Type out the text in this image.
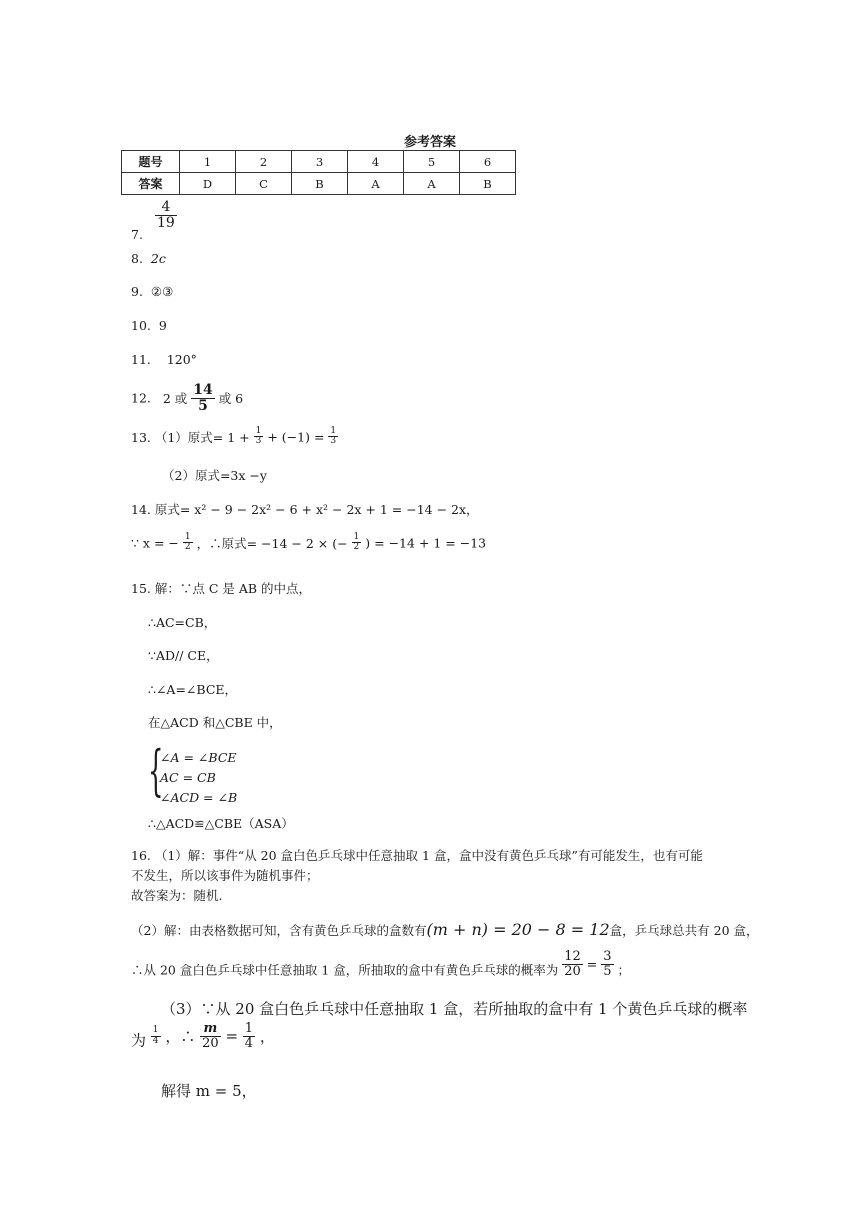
参考答案
题号	1	2	3	4	5	6
答案	D	C	B	A	A	B
7.
$\frac{4}{19}$
8. 2c
9. ②③
10. 9
11. 120°
12. 2 或 $\frac{14}{5}$ 或 6
13. （1）原式= $1 + \frac{1}{3} + (-1) = \frac{1}{3}$
（2）原式=3x −y
14. 原式= x² − 9 − 2x² − 6 + x² − 2x + 1 = −14 − 2x，
∵ x = − $\frac{1}{2}$ ，∴原式= −14 − 2 × (− $\frac{1}{2}$ ) = −14 + 1 = −13
15. 解：∵点 C 是 AB 的中点，
∴AC=CB，
∵AD// CE，
∴∠A=∠BCE，
在△ACD 和△CBE 中，
{
∠A = ∠BCE
AC = CB
∠ACD = ∠B
∴△ACD≌△CBE（ASA）
16. （1）解：事件“从 20 盒白色乒乓球中任意抽取 1 盒，盒中没有黄色乒乓球”有可能发生，也有可能
不发生，所以该事件为随机事件；
故答案为：随机.
（2）解：由表格数据可知，含有黄色乒乓球的盒数有(m + n) = 20 − 8 = 12盒，乒乓球总共有 20 盒，
∴从 20 盒白色乒乓球中任意抽取 1 盒，所抽取的盒中有黄色乒乓球的概率为 $\frac{12}{20} = \frac{3}{5}$ ；
（3）∵从 20 盒白色乒乓球中任意抽取 1 盒，若所抽取的盒中有 1 个黄色乒乓球的概率
为 $\frac{1}{4}$ ，∴ $\frac{m}{20} = \frac{1}{4}$ ，
解得 m = 5，
